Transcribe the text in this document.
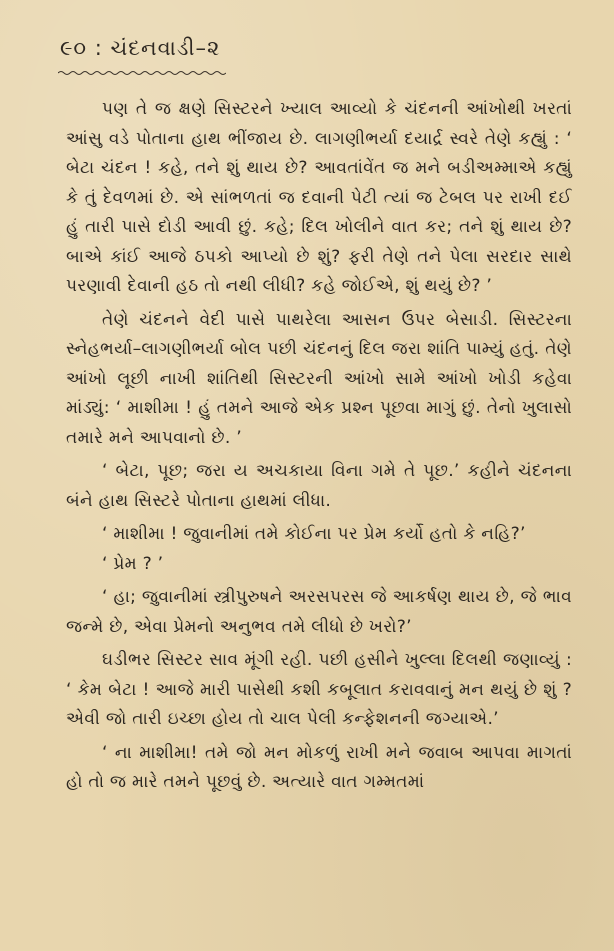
૯૦ : ચંદનવાડી–૨

પણ તે જ ક્ષણે સિસ્ટરને ખ્યાલ આવ્યો કે ચંદનની આંખોથી ખરતાં આંસુ વડે પોતાના હાથ ભીંજાય છે. લાગણીભર્યા દયાર્દ્ર સ્વરે તેણે કહ્યું : ‘ બેટા ચંદન ! કહે, તને શું થાય છે? આવતાંવેંત જ મને બડીઅમ્માએ કહ્યું કે તું દેવળમાં છે. એ સાંભળતાં જ દવાની પેટી ત્યાં જ ટેબલ પર રાખી દઈ હું તારી પાસે દોડી આવી છું. કહે; દિલ ખોલીને વાત કર; તને શું થાય છે? બાએ કાંઈ આજે ઠપકો આપ્યો છે શું? ફરી તેણે તને પેલા સરદાર સાથે પરણાવી દેવાની હઠ તો નથી લીધી? કહે જોઈએ, શું થયું છે? ’

તેણે ચંદનને વેદી પાસે પાથરેલા આસન ઉપર બેસાડી. સિસ્ટરના સ્નેહભર્યા–લાગણીભર્યા બોલ પછી ચંદનનું દિલ જરા શાંતિ પામ્યું હતું. તેણે આંખો લૂછી નાખી શાંતિથી સિસ્ટરની આંખો સામે આંખો ખોડી કહેવા માંડ્યું: ‘ માશીમા ! હું તમને આજે એક પ્રશ્ન પૂછવા માગું છું. તેનો ખુલાસો તમારે મને આપવાનો છે. ’

‘ બેટા, પૂછ; જરા ય અચકાયા વિના ગમે તે પૂછ.’ કહીને ચંદનના બંને હાથ સિસ્ટરે પોતાના હાથમાં લીધા.

‘ માશીમા ! જુવાનીમાં તમે કોઈના પર પ્રેમ કર્યો હતો કે નહિ?’

‘ પ્રેમ ? ’

‘ હા; જુવાનીમાં સ્ત્રીપુરુષને અરસપરસ જે આકર્ષણ થાય છે, જે ભાવ જન્મે છે, એવા પ્રેમનો અનુભવ તમે લીધો છે ખરો?’

ઘડીભર સિસ્ટર સાવ મૂંગી રહી. પછી હસીને ખુલ્લા દિલથી જણાવ્યું : ‘ કેમ બેટા ! આજે મારી પાસેથી કશી કબૂલાત કરાવવાનું મન થયું છે શું ? એવી જો તારી ઇચ્છા હોય તો ચાલ પેલી કન્ફેશનની જગ્યાએ.’

‘ ના માશીમા! તમે જો મન મોકળું રાખી મને જવાબ આપવા માગતાં હો તો જ મારે તમને પૂછવું છે. અત્યારે વાત ગમ્મતમાં
